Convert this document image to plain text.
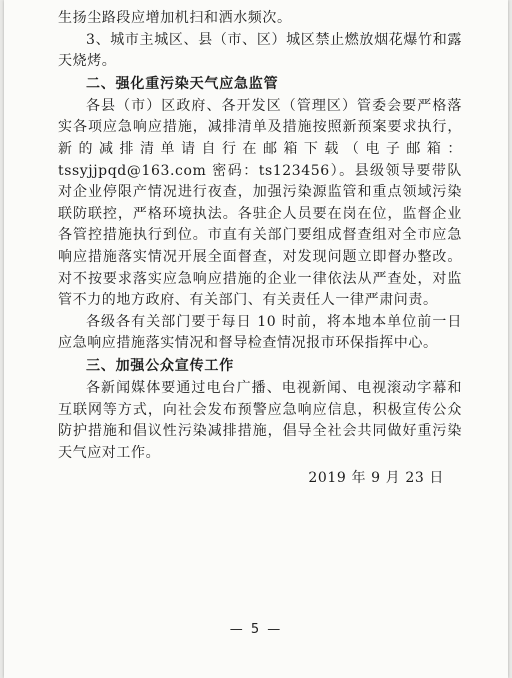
生扬尘路段应增加机扫和洒水频次。

3、城市主城区、县（市、区）城区禁止燃放烟花爆竹和露天烧烤。

二、强化重污染天气应急监管

各县（市）区政府、各开发区（管理区）管委会要严格落实各项应急响应措施，减排清单及措施按照新预案要求执行，新的减排清单请自行在邮箱下载（电子邮箱：tssyjjpqd@163.com 密码：ts123456）。县级领导要带队对企业停限产情况进行夜查，加强污染源监管和重点领域污染联防联控，严格环境执法。各驻企人员要在岗在位，监督企业各管控措施执行到位。市直有关部门要组成督查组对全市应急响应措施落实情况开展全面督查，对发现问题立即督办整改。对不按要求落实应急响应措施的企业一律依法从严查处，对监管不力的地方政府、有关部门、有关责任人一律严肃问责。

各级各有关部门要于每日 10 时前，将本地本单位前一日应急响应措施落实情况和督导检查情况报市环保指挥中心。

三、加强公众宣传工作

各新闻媒体要通过电台广播、电视新闻、电视滚动字幕和互联网等方式，向社会发布预警应急响应信息，积极宣传公众防护措施和倡议性污染减排措施，倡导全社会共同做好重污染天气应对工作。

2019 年 9 月 23 日

— 5 —
